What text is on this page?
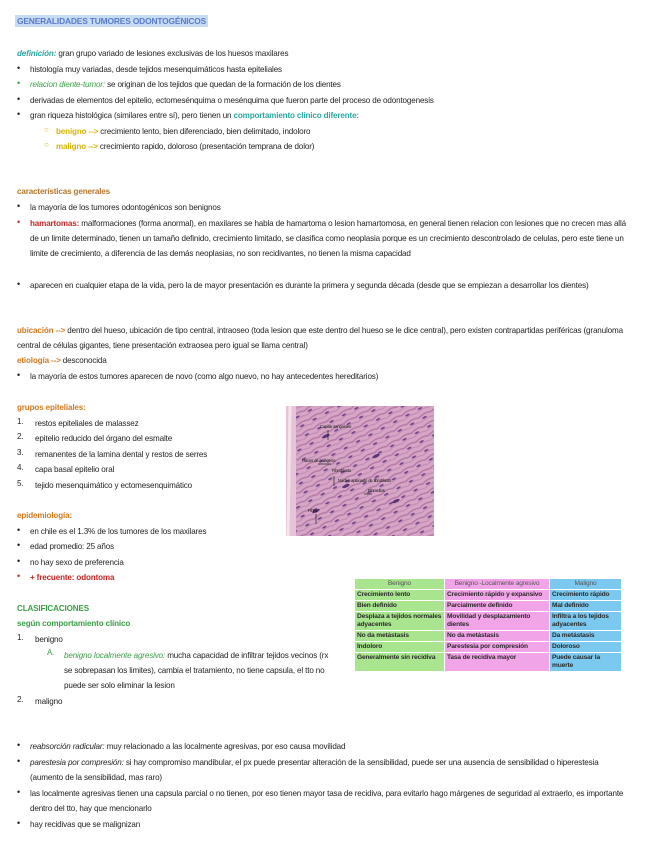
GENERALIDADES TUMORES ODONTOGÉNICOS
definición: gran grupo variado de lesiones exclusivas de los huesos maxilares
•	histología muy variadas, desde tejidos mesenquimáticos hasta epiteliales
•	relacion diente-tumor: se originan de los tejidos que quedan de la formación de los dientes
•	derivadas de elementos del epitelio, ectomesénquima o mesénquima que fueron parte del proceso de odontogenesis
•	gran riqueza histológica (similares entre sí), pero tienen un comportamiento clínico diferente:
○ benigno --> crecimiento lento, bien diferenciado, bien delimitado, indoloro
○ maligno --> crecimiento rapido, doloroso (presentación temprana de dolor)
características generales
•	la mayoría de los tumores odontogénicos son benignos
•	hamartomas: malformaciones (forma anormal), en maxilares se habla de hamartoma o lesion hamartomosa, en general tienen relacion con lesiones que no crecen mas allá de un limite determinado, tienen un tamaño definido, crecimiento limitado, se clasifica como neoplasia porque es un crecimiento descontrolado de celulas, pero este tiene un limite de crecimiento, a diferencia de las demás neoplasias, no son recidivantes, no tienen la misma capacidad
•	aparecen en cualquier etapa de la vida, pero la de mayor presentación es durante la primera y segunda década (desde que se empiezan a desarrollar los dientes)
ubicación --> dentro del hueso, ubicación de tipo central, intraoseo (toda lesion que este dentro del hueso se le dice central), pero existen contrapartidas periféricas (granuloma central de células gigantes, tiene presentación extraosea pero igual se llama central)
etiología --> desconocida
•	la mayoría de estos tumores aparecen de novo (como algo nuevo, no hay antecedentes hereditarios)
grupos epiteliales:
1.	restos epiteliales de malassez
2.	epitelio reducido del órgano del esmalte
3.	remanentes de la lamina dental y restos de serres
4.	capa basal epitelio oral
5.	tejido mesenquimático y ectomesenquimático
Capilar sanguineo
Haces de colágeno
Fibroblasto
Núcleo aplanado de fibroblasto
Fibrocitos
Fibra
epidemiología:
•	en chile es el 1.3% de los tumores de los maxilares
•	edad promedio: 25 años
•	no hay sexo de preferencia
•	+ frecuente: odontoma
Benigno	Benigno -Localmente agresivo	Maligno
Crecimiento lento	Crecimiento rápido y expansivo	Crecimiento rápido
Bien definido	Parcialmente definido	Mal definido
Desplaza a tejidos normales adyacentes	Movilidad y desplazamiento dientes	Infiltra a los tejidos adyacentes
No da metástasis	No da metástasis	Da metástasis
Indoloro	Parestesia por compresión	Doloroso
Generalmente sin recidiva	Tasa de recidiva mayor	Puede causar la muerte
CLASIFICACIONES
según comportamiento clínico
1.	benigno
A. benigno localmente agresivo: mucha capacidad de infiltrar tejidos vecinos (rx se sobrepasan los limites), cambia el tratamiento, no tiene capsula, el tto no puede ser solo eliminar la lesion
2.	maligno
•	reabsorción radicular: muy relacionado a las localmente agresivas, por eso causa movilidad
•	parestesia por compresión: si hay compromiso mandibular, el px puede presentar alteración de la sensibilidad, puede ser una ausencia de sensibilidad o hiperestesia (aumento de la sensibilidad, mas raro)
•	las localmente agresivas tienen una capsula parcial o no tienen, por eso tienen mayor tasa de recidiva, para evitarlo hago márgenes de seguridad al extraerlo, es importante dentro del tto, hay que mencionarlo
•	hay recidivas que se malignizan
